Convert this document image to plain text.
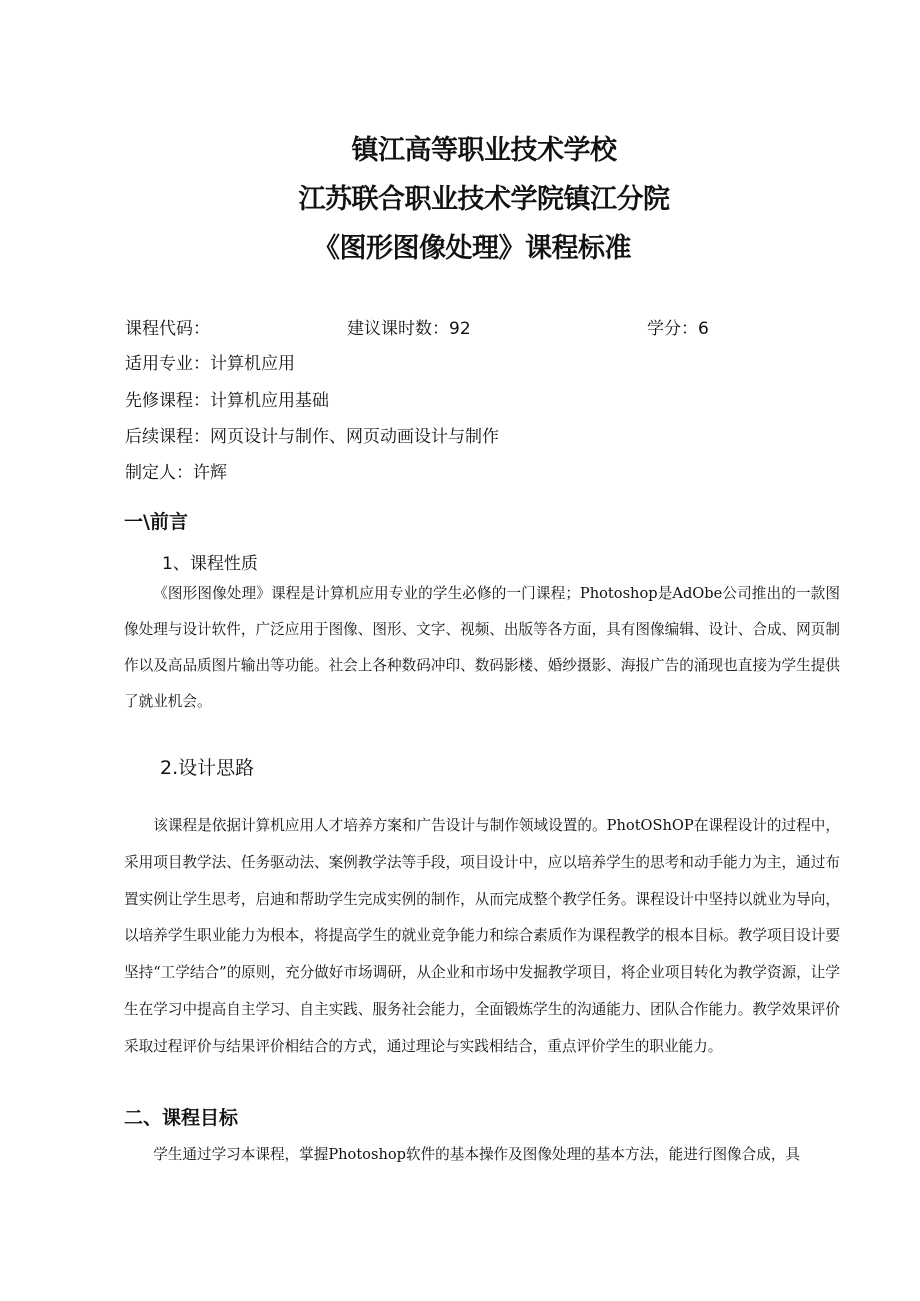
镇江高等职业技术学校
江苏联合职业技术学院镇江分院
《图形图像处理》课程标准
课程代码：	建议课时数：92	学分：6
适用专业：计算机应用
先修课程：计算机应用基础
后续课程：网页设计与制作、网页动画设计与制作
制定人：许辉
一\前言
1、课程性质

《图形图像处理》课程是计算机应用专业的学生必修的一门课程；Photoshop是AdObe公司推出的一款图像处理与设计软件，广泛应用于图像、图形、文字、视频、出版等各方面，具有图像编辑、设计、合成、网页制作以及高品质图片输出等功能。社会上各种数码冲印、数码影楼、婚纱摄影、海报广告的涌现也直接为学生提供了就业机会。

2.设计思路

该课程是依据计算机应用人才培养方案和广告设计与制作领域设置的。PhotOShOP在课程设计的过程中，采用项目教学法、任务驱动法、案例教学法等手段，项目设计中，应以培养学生的思考和动手能力为主，通过布置实例让学生思考，启迪和帮助学生完成实例的制作，从而完成整个教学任务。课程设计中坚持以就业为导向，以培养学生职业能力为根本，将提高学生的就业竞争能力和综合素质作为课程教学的根本目标。教学项目设计要坚持“工学结合”的原则，充分做好市场调研，从企业和市场中发掘教学项目，将企业项目转化为教学资源，让学生在学习中提高自主学习、自主实践、服务社会能力，全面锻炼学生的沟通能力、团队合作能力。教学效果评价采取过程评价与结果评价相结合的方式，通过理论与实践相结合，重点评价学生的职业能力。

二、课程目标

学生通过学习本课程，掌握Photoshop软件的基本操作及图像处理的基本方法，能进行图像合成，具
